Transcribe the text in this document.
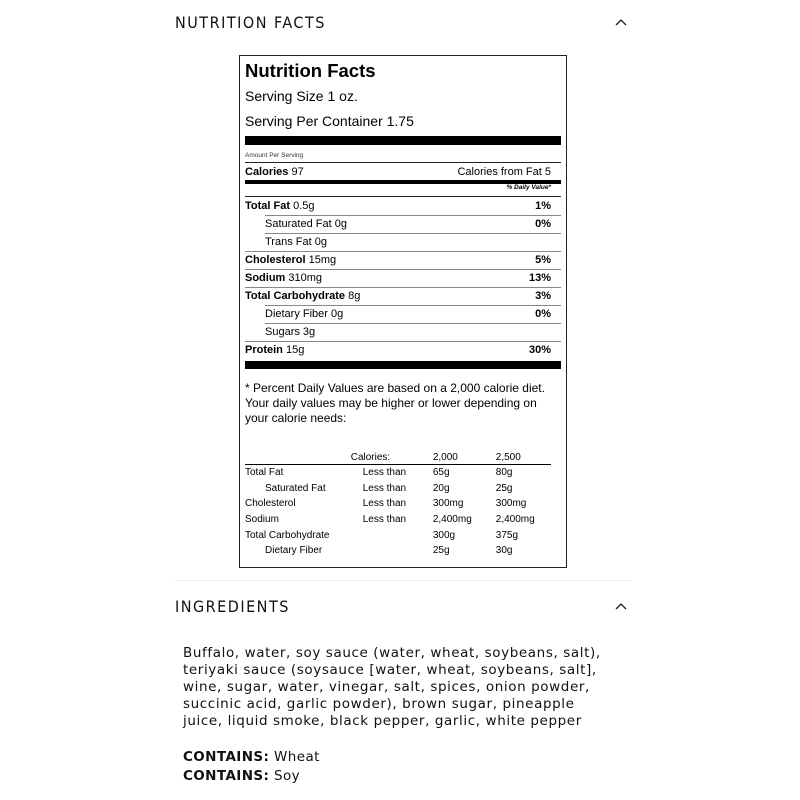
NUTRITION FACTS
Nutrition Facts
Serving Size 1 oz.
Serving Per Container 1.75
Amount Per Serving
Calories 97	Calories from Fat 5
% Daily Value*
Total Fat 0.5g	1%
Saturated Fat 0g	0%
Trans Fat 0g
Cholesterol 15mg	5%
Sodium 310mg	13%
Total Carbohydrate 8g	3%
Dietary Fiber 0g	0%
Sugars 3g
Protein 15g	30%
* Percent Daily Values are based on a 2,000 calorie diet. Your daily values may be higher or lower depending on your calorie needs:
	Calories:	2,000	2,500
Total Fat	Less than	65g	80g
Saturated Fat	Less than	20g	25g
Cholesterol	Less than	300mg	300mg
Sodium	Less than	2,400mg	2,400mg
Total Carbohydrate		300g	375g
Dietary Fiber		25g	30g
INGREDIENTS
Buffalo, water, soy sauce (water, wheat, soybeans, salt), teriyaki sauce (soysauce [water, wheat, soybeans, salt], wine, sugar, water, vinegar, salt, spices, onion powder, succinic acid, garlic powder), brown sugar, pineapple juice, liquid smoke, black pepper, garlic, white pepper
CONTAINS: Wheat
CONTAINS: Soy
